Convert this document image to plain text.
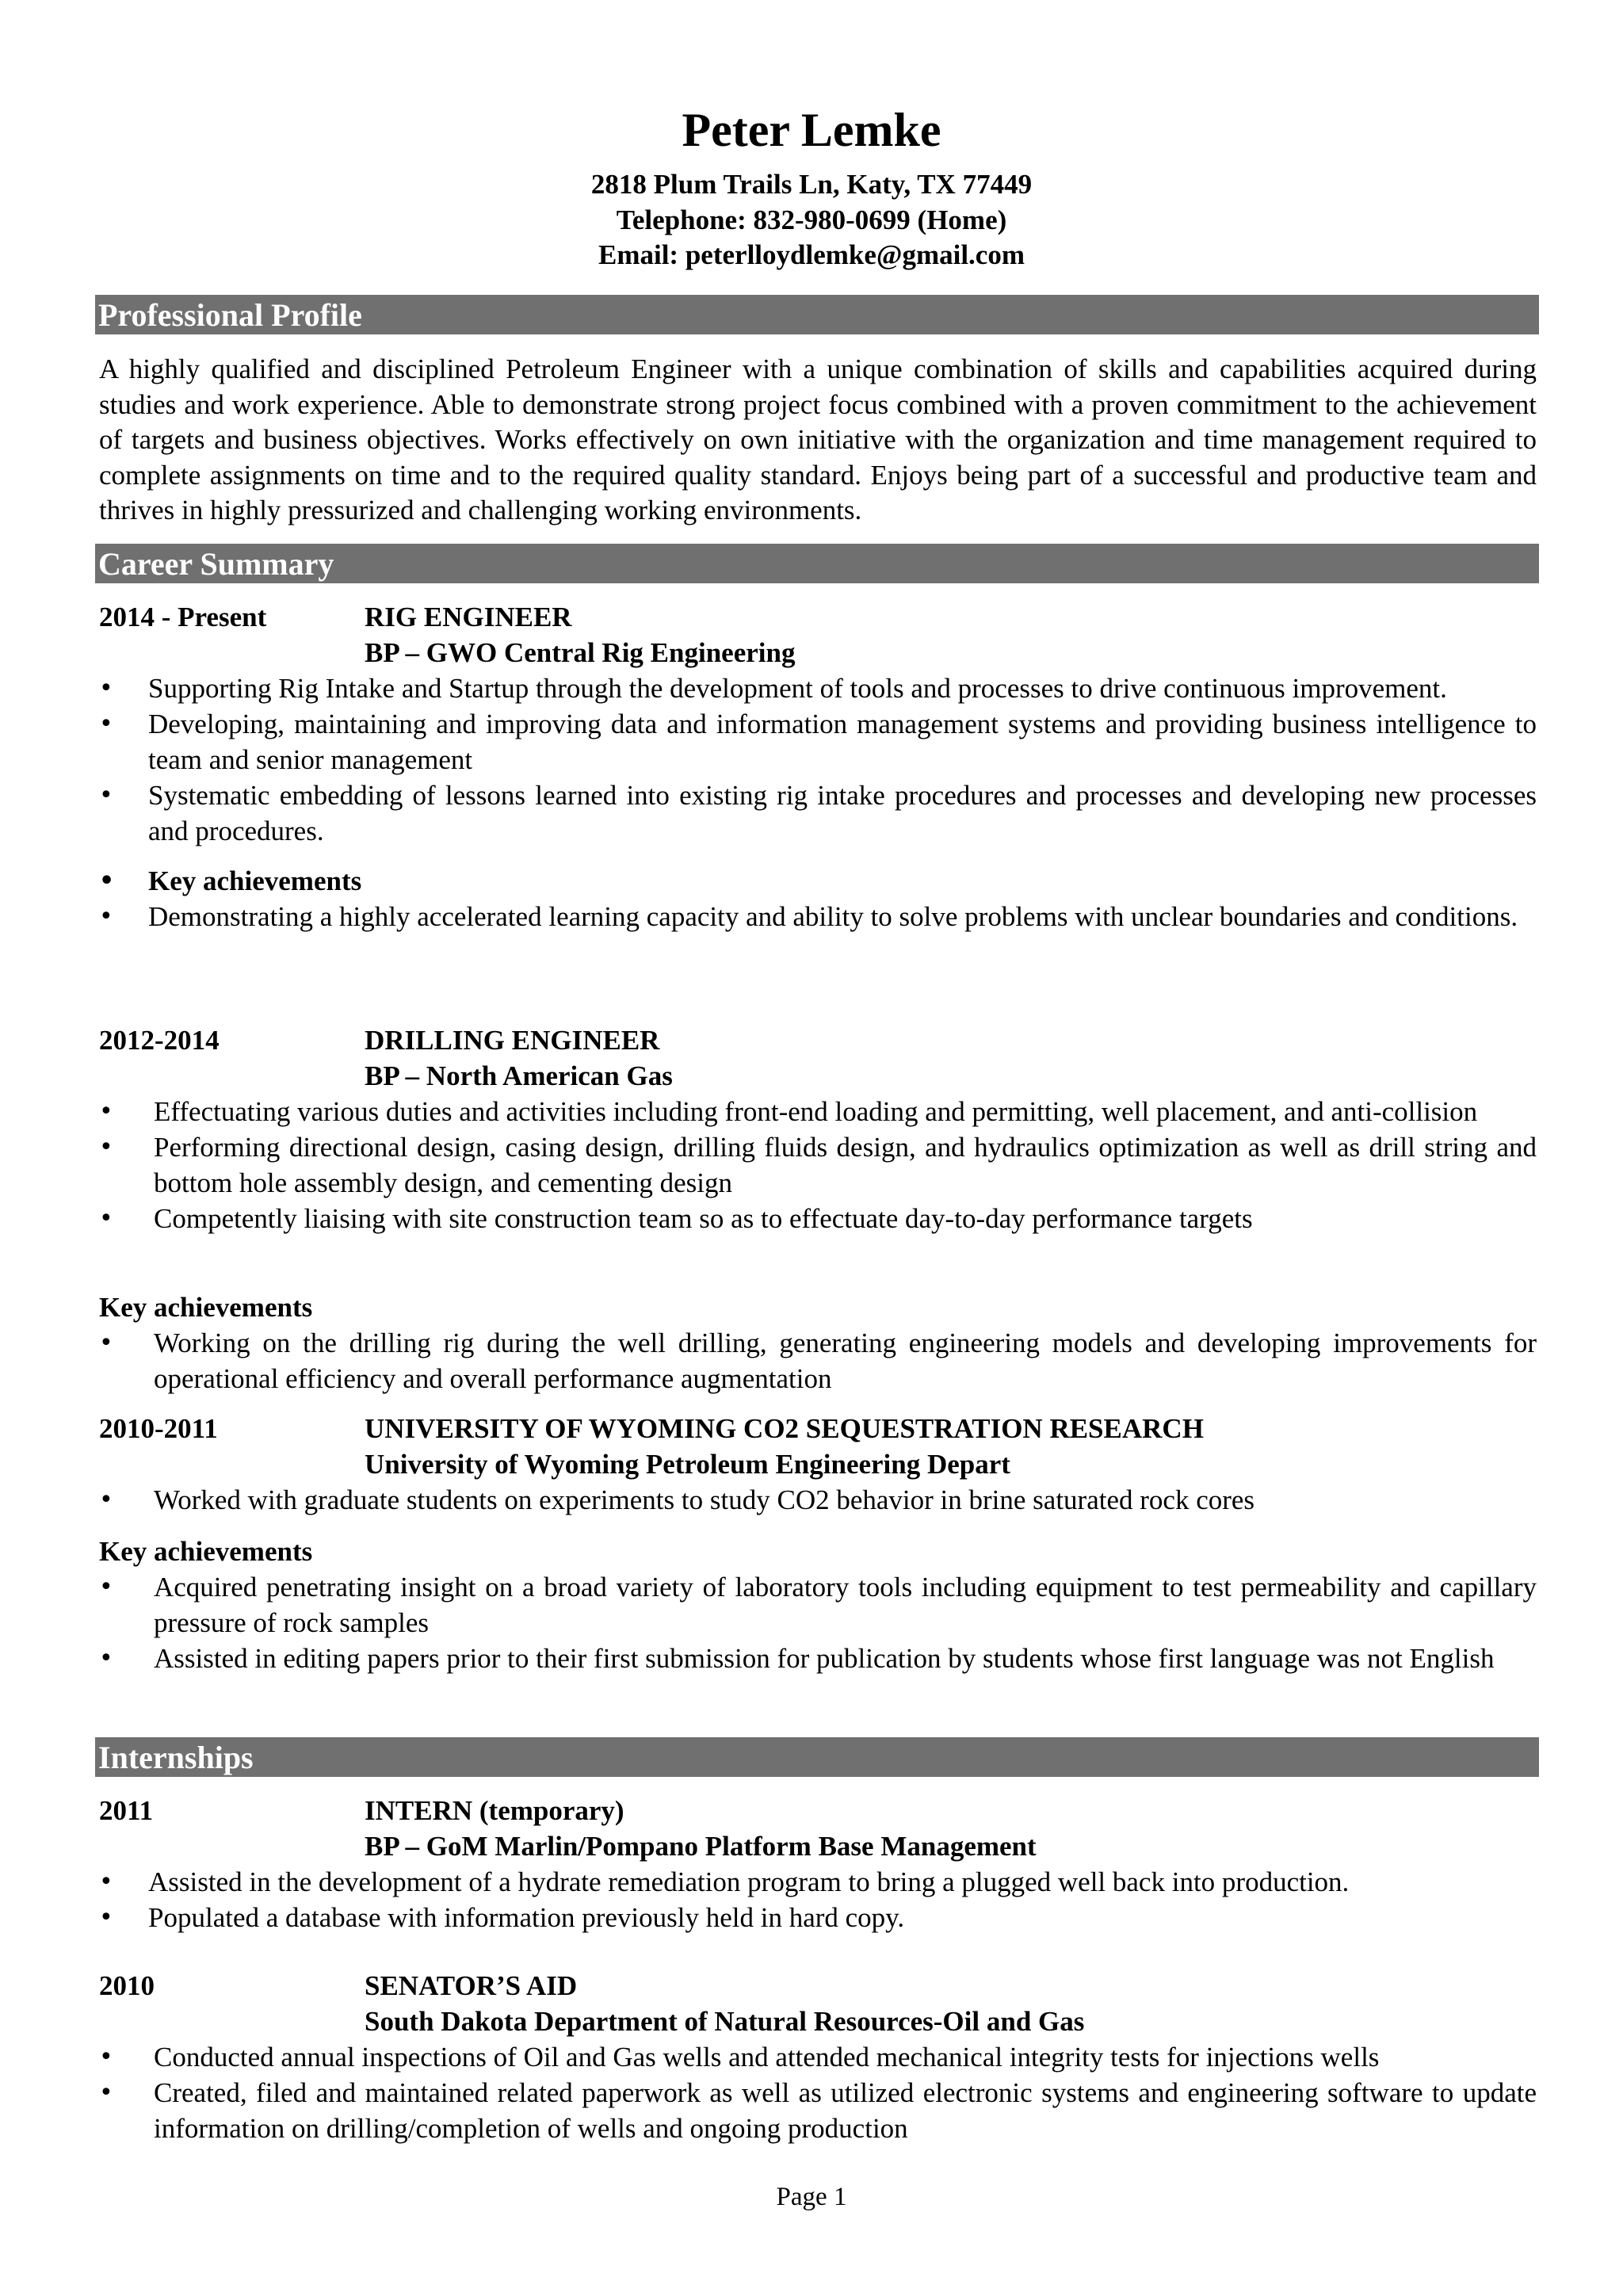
Peter Lemke
2818 Plum Trails Ln, Katy, TX 77449
Telephone: 832-980-0699 (Home)
Email: peterlloydlemke@gmail.com
Professional Profile
A highly qualified and disciplined Petroleum Engineer with a unique combination of skills and capabilities acquired during studies and work experience. Able to demonstrate strong project focus combined with a proven commitment to the achievement of targets and business objectives. Works effectively on own initiative with the organization and time management required to complete assignments on time and to the required quality standard. Enjoys being part of a successful and productive team and thrives in highly pressurized and challenging working environments.
Career Summary
2014 - Present	RIG ENGINEER
BP – GWO Central Rig Engineering
• Supporting Rig Intake and Startup through the development of tools and processes to drive continuous improvement.
• Developing, maintaining and improving data and information management systems and providing business intelligence to team and senior management
• Systematic embedding of lessons learned into existing rig intake procedures and processes and developing new processes and procedures.
• Key achievements
• Demonstrating a highly accelerated learning capacity and ability to solve problems with unclear boundaries and conditions.
2012-2014	DRILLING ENGINEER
BP – North American Gas
• Effectuating various duties and activities including front-end loading and permitting, well placement, and anti-collision
• Performing directional design, casing design, drilling fluids design, and hydraulics optimization as well as drill string and bottom hole assembly design, and cementing design
• Competently liaising with site construction team so as to effectuate day-to-day performance targets
Key achievements
• Working on the drilling rig during the well drilling, generating engineering models and developing improvements for operational efficiency and overall performance augmentation
2010-2011	UNIVERSITY OF WYOMING CO2 SEQUESTRATION RESEARCH
University of Wyoming Petroleum Engineering Depart
• Worked with graduate students on experiments to study CO2 behavior in brine saturated rock cores
Key achievements
• Acquired penetrating insight on a broad variety of laboratory tools including equipment to test permeability and capillary pressure of rock samples
• Assisted in editing papers prior to their first submission for publication by students whose first language was not English
Internships
2011	INTERN (temporary)
BP – GoM Marlin/Pompano Platform Base Management
• Assisted in the development of a hydrate remediation program to bring a plugged well back into production.
• Populated a database with information previously held in hard copy.
2010	SENATOR’S AID
South Dakota Department of Natural Resources-Oil and Gas
• Conducted annual inspections of Oil and Gas wells and attended mechanical integrity tests for injections wells
• Created, filed and maintained related paperwork as well as utilized electronic systems and engineering software to update information on drilling/completion of wells and ongoing production
Page 1
